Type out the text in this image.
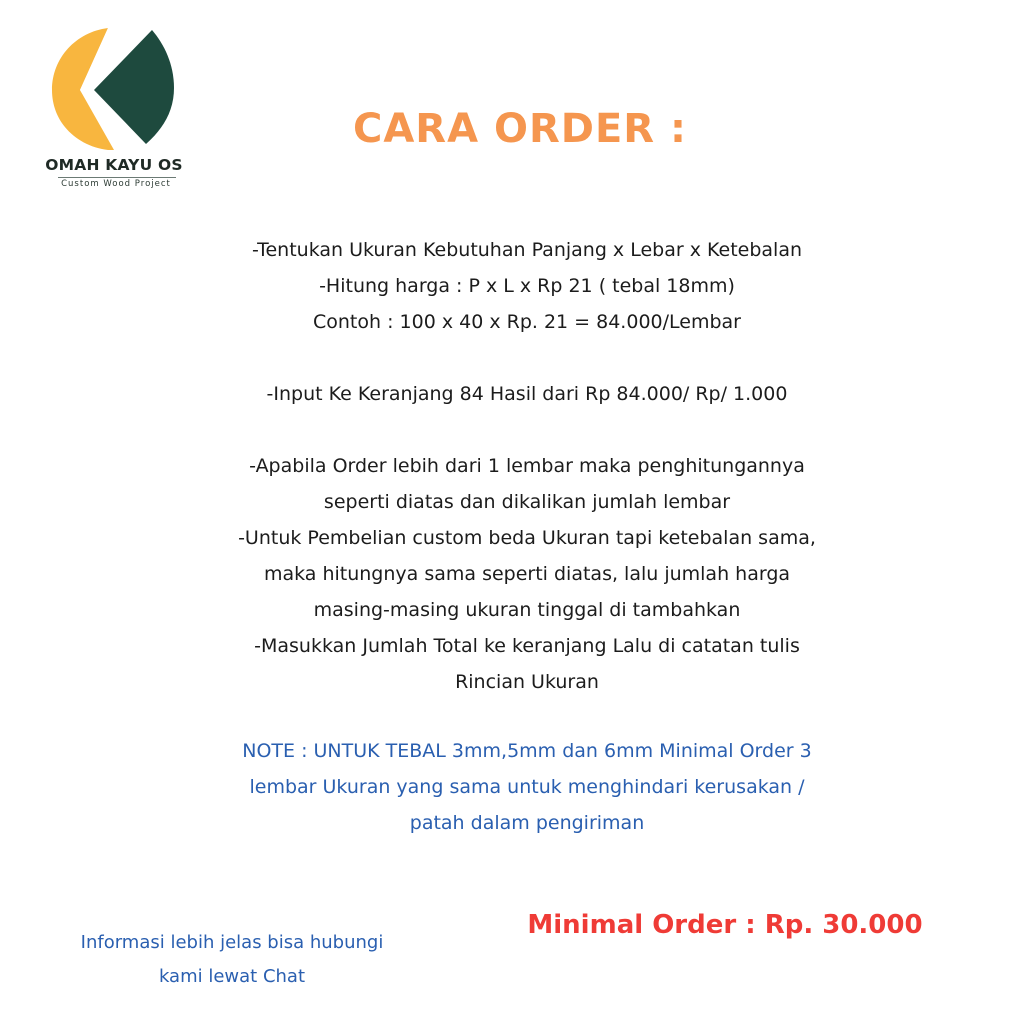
OMAH KAYU OS
Custom Wood Project
CARA ORDER :
-Tentukan Ukuran Kebutuhan Panjang x Lebar x Ketebalan
-Hitung harga : P x L x Rp 21 ( tebal 18mm)
Contoh : 100 x 40 x Rp. 21 = 84.000/Lembar
-Input Ke Keranjang 84 Hasil dari Rp 84.000/ Rp/ 1.000
-Apabila Order lebih dari 1 lembar maka penghitungannya
seperti diatas dan dikalikan jumlah lembar
-Untuk Pembelian custom beda Ukuran tapi ketebalan sama,
maka hitungnya sama seperti diatas, lalu jumlah harga
masing-masing ukuran tinggal di tambahkan
-Masukkan Jumlah Total ke keranjang Lalu di catatan tulis
Rincian Ukuran
NOTE : UNTUK TEBAL 3mm,5mm dan 6mm Minimal Order 3
lembar Ukuran yang sama untuk menghindari kerusakan /
patah dalam pengiriman
Informasi lebih jelas bisa hubungi
kami lewat Chat
Minimal Order : Rp. 30.000
